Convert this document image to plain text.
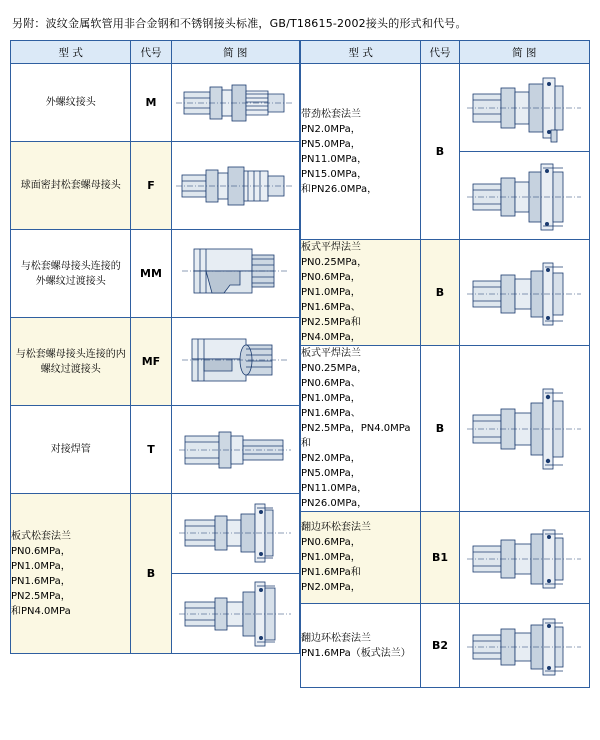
另附：波纹金属软管用非合金钢和不锈钢接头标准，GB/T18615-2002接头的形式和代号。
型 式	代号	简 图

外螺纹接头	M	

球面密封松套螺母接头	F	

与松套螺母接头连接的
外螺纹过渡接头	MM	

与松套螺母接头连接的内
螺纹过渡接头	MF	

对接焊管	T	

板式松套法兰
PN0.6MPa，PN1.0MPa，
PN1.6MPa，PN2.5MPa，
和PN4.0MPa	B	

型 式	代号	简 图

带劲松套法兰
PN2.0MPa，PN5.0MPa，
PN11.0MPa，PN15.0MPa，
和PN26.0MPa，	B	

板式平焊法兰
PN0.25MPa，PN0.6MPa，
PN1.0MPa，PN1.6MPa、
PN2.5MPa和PN4.0MPa，	B	

板式平焊法兰
PN0.25MPa，PN0.6MPa、
PN1.0MPa，PN1.6MPa、
PN2.5MPa，PN4.0MPa 和
PN2.0MPa，PN5.0MPa，
PN11.0MPa，PN26.0MPa，
	B	

翻边环松套法兰
PN0.6MPa，PN1.0MPa，
PN1.6MPa和PN2.0MPa，	B1	

翻边环松套法兰
PN1.6MPa（板式法兰）	B2	
